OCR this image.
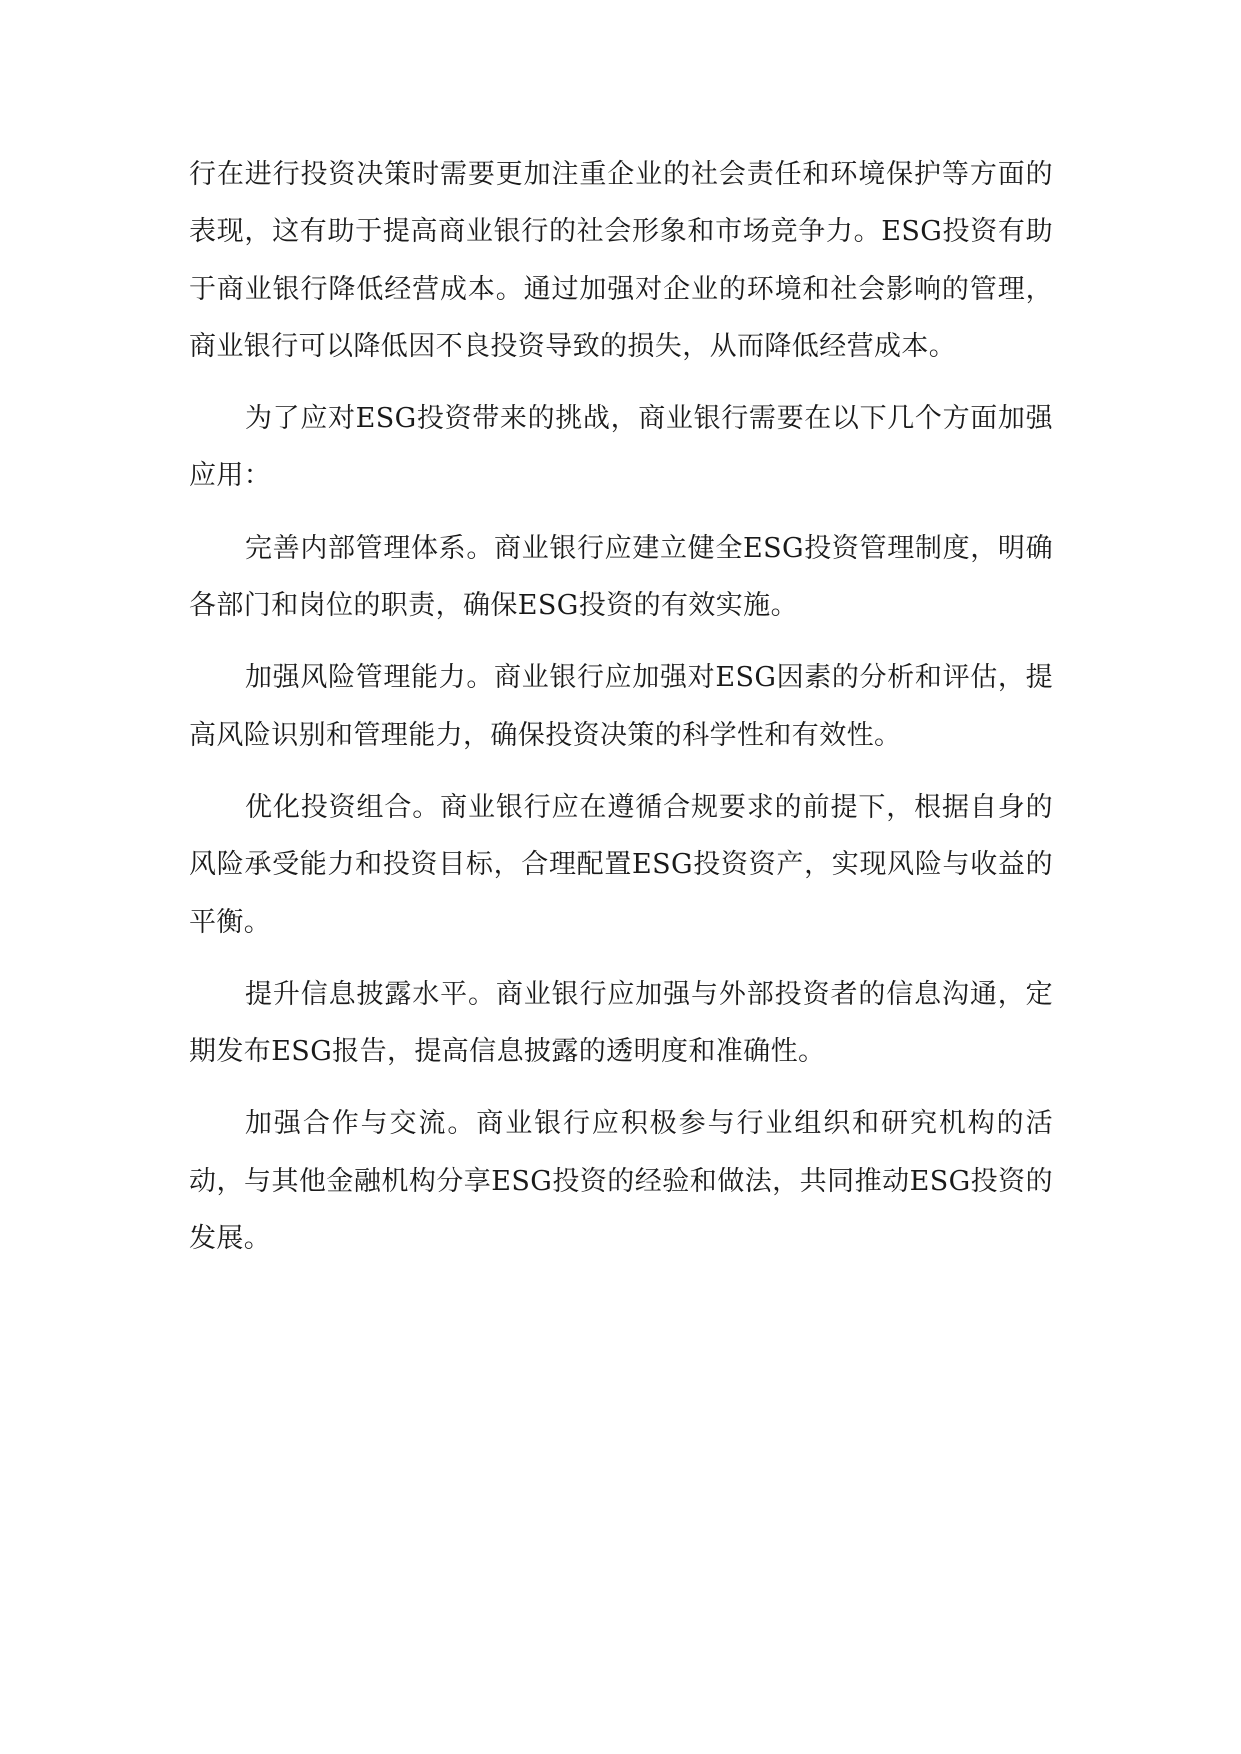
行在进行投资决策时需要更加注重企业的社会责任和环境保护等方面的表现，这有助于提高商业银行的社会形象和市场竞争力。ESG投资有助于商业银行降低经营成本。通过加强对企业的环境和社会影响的管理，商业银行可以降低因不良投资导致的损失，从而降低经营成本。

为了应对ESG投资带来的挑战，商业银行需要在以下几个方面加强应用：

完善内部管理体系。商业银行应建立健全ESG投资管理制度，明确各部门和岗位的职责，确保ESG投资的有效实施。

加强风险管理能力。商业银行应加强对ESG因素的分析和评估，提高风险识别和管理能力，确保投资决策的科学性和有效性。

优化投资组合。商业银行应在遵循合规要求的前提下，根据自身的风险承受能力和投资目标，合理配置ESG投资资产，实现风险与收益的平衡。

提升信息披露水平。商业银行应加强与外部投资者的信息沟通，定期发布ESG报告，提高信息披露的透明度和准确性。

加强合作与交流。商业银行应积极参与行业组织和研究机构的活动，与其他金融机构分享ESG投资的经验和做法，共同推动ESG投资的发展。
